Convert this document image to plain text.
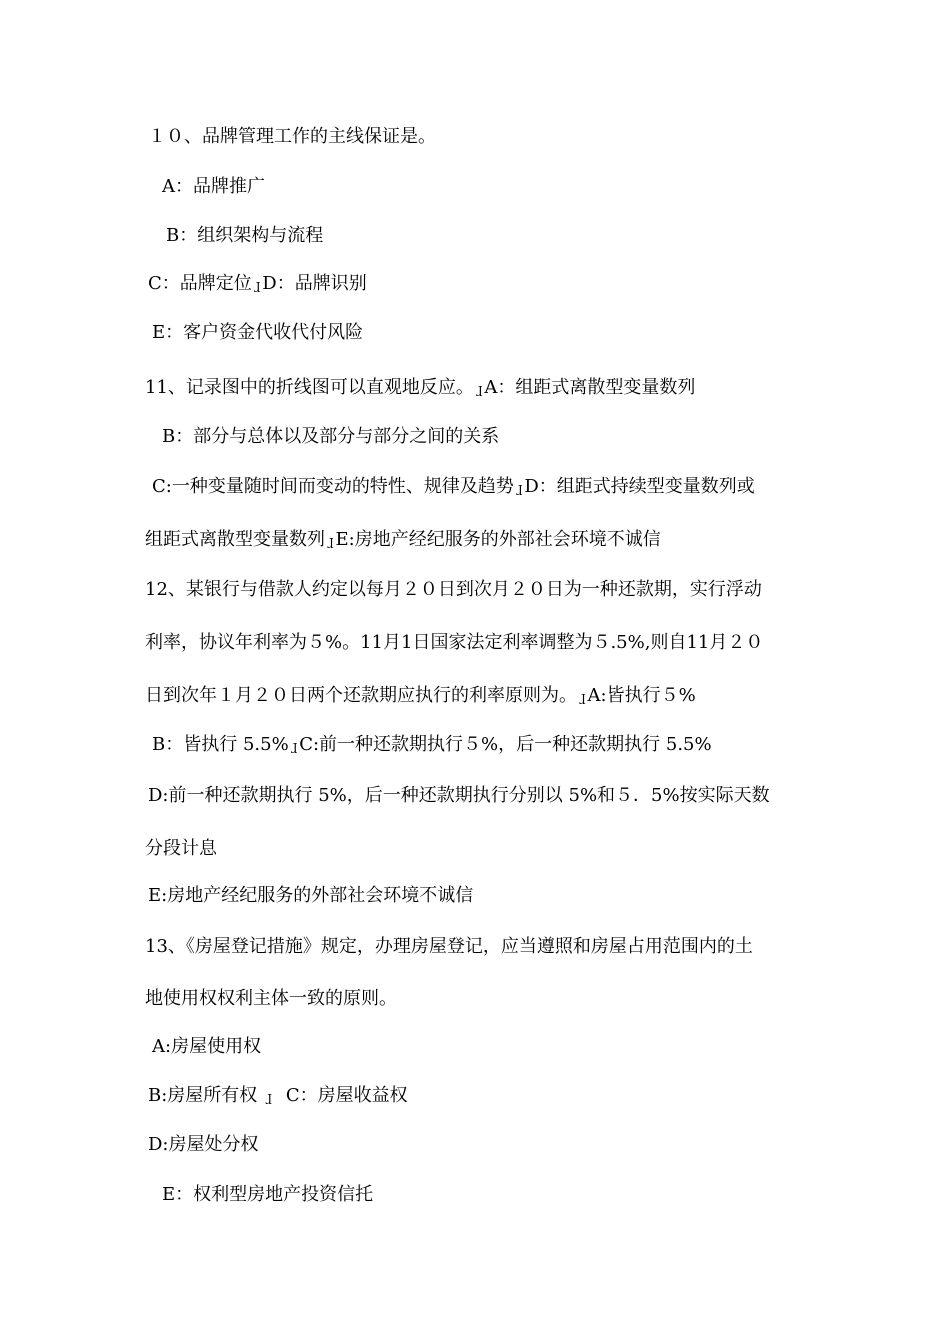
１０、品牌管理工作的主线保证是。
A：品牌推广
B：组织架构与流程
C：品牌定位 ɺ D：品牌识别
E：客户资金代收代付风险
11、记录图中的折线图可以直观地反应。 ɺ A：组距式离散型变量数列
B：部分与总体以及部分与部分之间的关系
C:一种变量随时间而变动的特性、规律及趋势 ɺ D：组距式持续型变量数列或
组距式离散型变量数列 ɺ E:房地产经纪服务的外部社会环境不诚信
12、某银行与借款人约定以每月２０日到次月２０日为一种还款期，实行浮动
利率，协议年利率为５%。11月1日国家法定利率调整为５.5%,则自11月２０
日到次年１月２０日两个还款期应执行的利率原则为。 ɺ A:皆执行５%
B：皆执行 5.5% ɺ C:前一种还款期执行５%，后一种还款期执行 5.5%
D:前一种还款期执行 5%，后一种还款期执行分别以 5%和５．5%按实际天数
分段计息
E:房地产经纪服务的外部社会环境不诚信
13、《房屋登记措施》规定，办理房屋登记，应当遵照和房屋占用范围内的土
地使用权权利主体一致的原则。
A:房屋使用权
B:房屋所有权 ɺ C：房屋收益权
D:房屋处分权
E：权利型房地产投资信托
